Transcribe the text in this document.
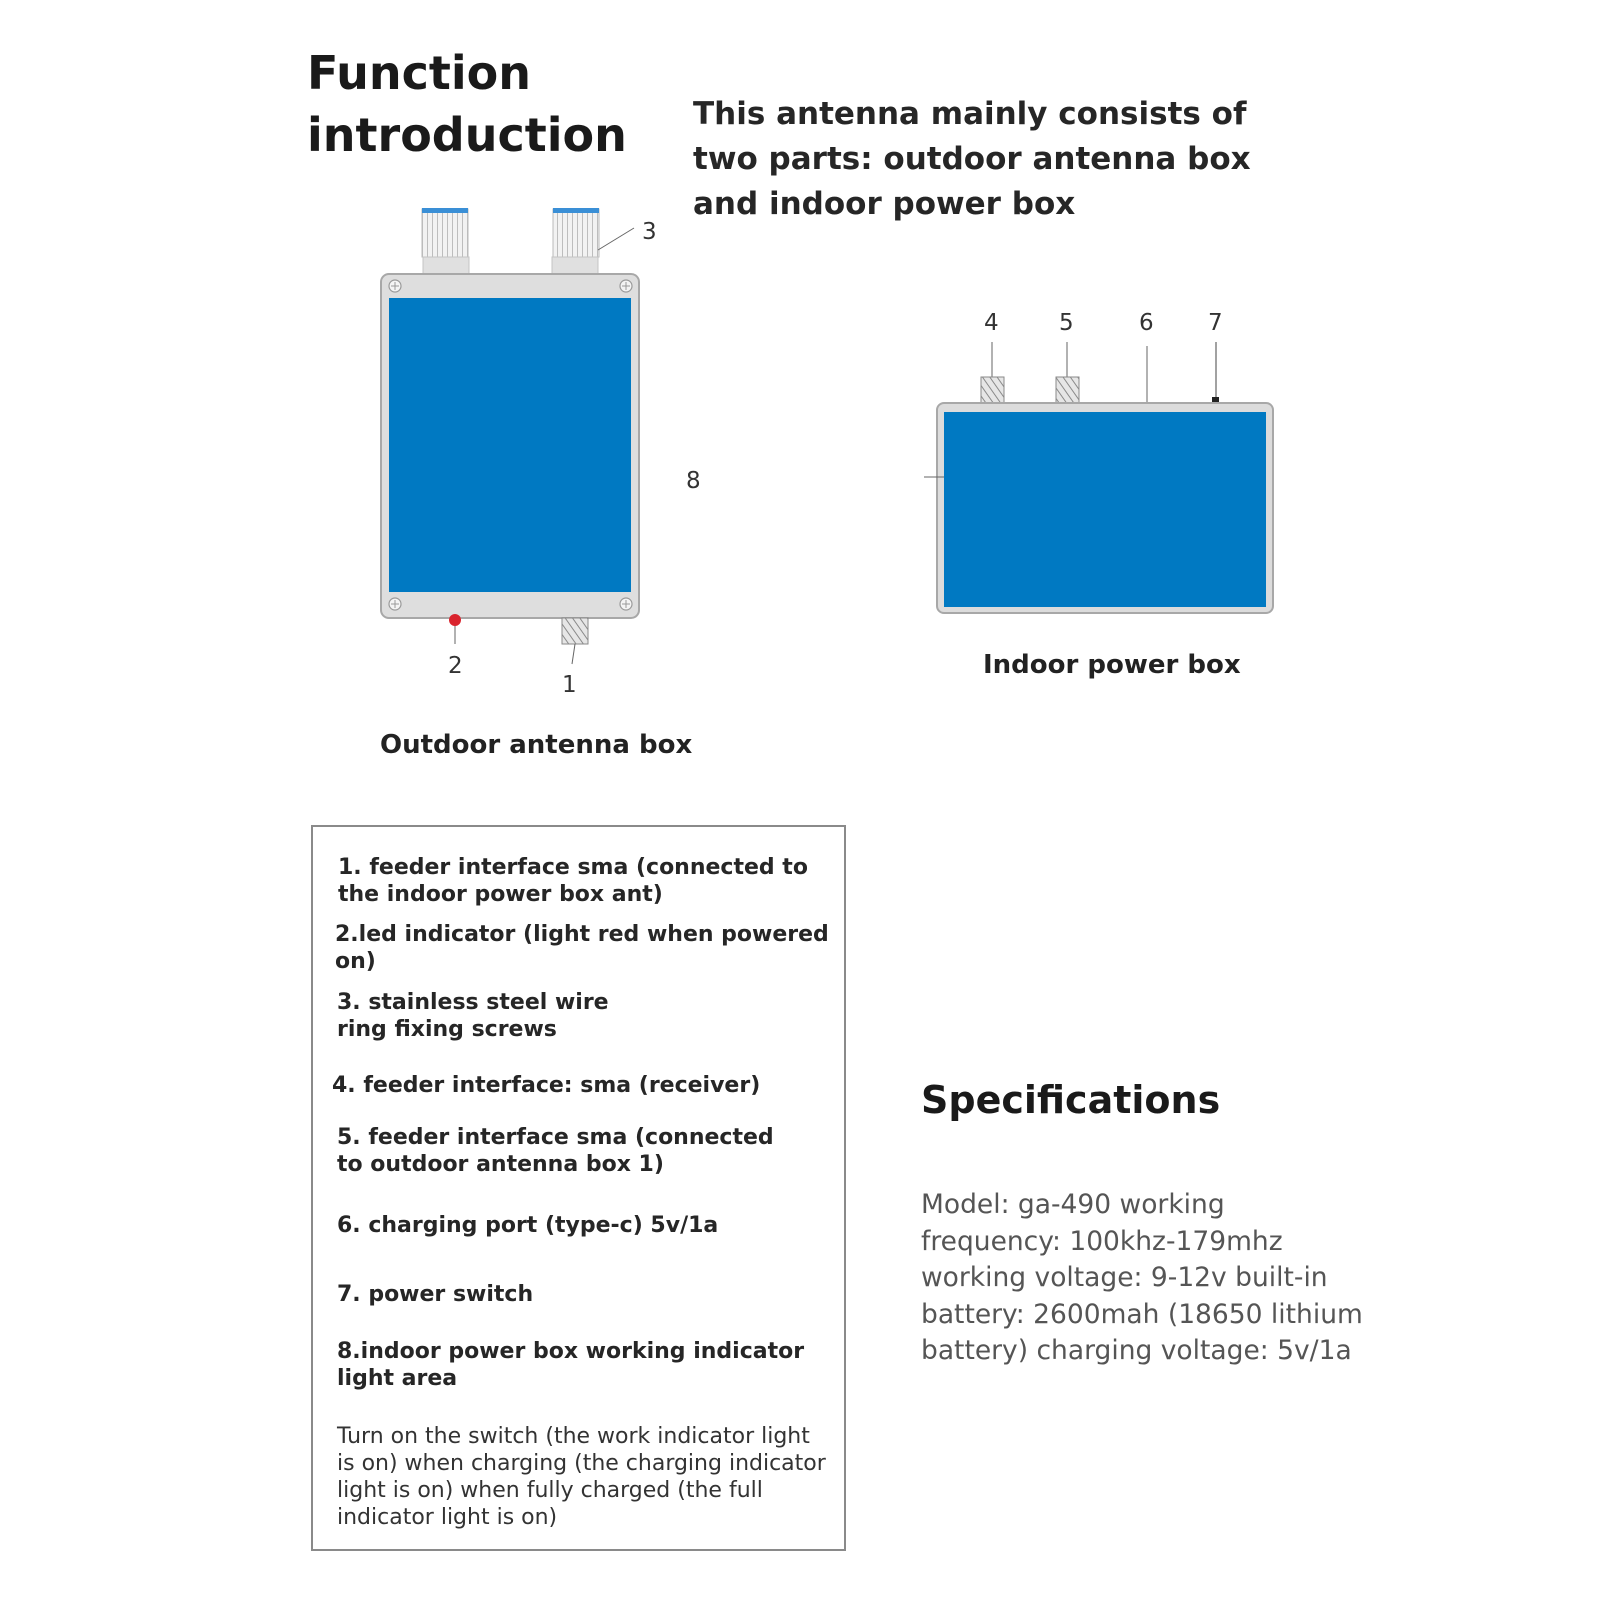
Function
introduction This antenna mainly consists of
two parts: outdoor antenna box
and indoor power box
3
8
2
1
4	5	6 7
Outdoor antenna box
Indoor power box
1. feeder interface sma (connected to the indoor power box ant)
2.led indicator (light red when powered on)
3. stainless steel wire ring fixing screws
4. feeder interface: sma (receiver)
5. feeder interface sma (connected to outdoor antenna box 1)
6. charging port (type-c) 5v/1a
7. power switch
8.indoor power box working indicator light area
Turn on the switch (the work indicator light is on) when charging (the charging indicator light is on) when fully charged (the full indicator light is on)
Specifications
Model: ga-490 working
frequency: 100khz-179mhz
working voltage: 9-12v built-in
battery: 2600mah (18650 lithium
battery) charging voltage: 5v/1a
